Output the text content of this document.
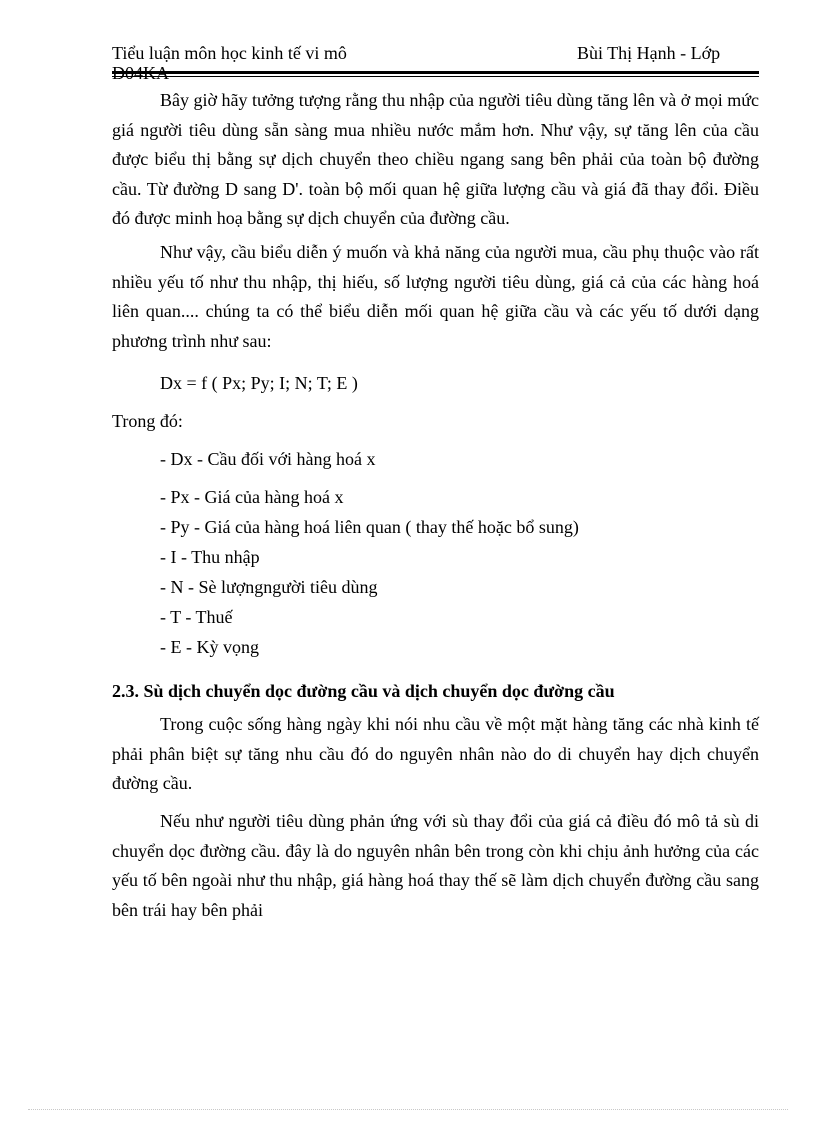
Tiểu luận môn học kinh tế vi mô	Bùi Thị Hạnh - Lớp

Bây giờ hãy tưởng tượng rằng thu nhập của người tiêu dùng tăng lên và ở mọi mức giá người tiêu dùng sẵn sàng mua nhiều nước mắm hơn. Như vậy, sự tăng lên của cầu được biểu thị bằng sự dịch chuyển theo chiều ngang sang bên phải của toàn bộ đường cầu. Từ đường D sang D'. toàn bộ mối quan hệ giữa lượng cầu và giá đã thay đổi. Điều đó được minh hoạ bằng sự dịch chuyển của đường cầu.

Như vậy, cầu biểu diễn ý muốn và khả năng của người mua, cầu phụ thuộc vào rất nhiều yếu tố như thu nhập, thị hiếu, số lượng người tiêu dùng, giá cả của các hàng hoá liên quan.... chúng ta có thể biểu diễn mối quan hệ giữa cầu và các yếu tố dưới dạng phương trình như sau:

Dx = f ( Px; Py; I; N; T; E )

Trong đó:

- Dx - Cầu đối với hàng hoá x
- Px - Giá của hàng hoá x
- Py - Giá của hàng hoá liên quan ( thay thế hoặc bổ sung)
- I - Thu nhập
- N - Sè lượngngười tiêu dùng
- T - Thuế
- E - Kỳ vọng

2.3. Sù dịch chuyển dọc đường cầu và dịch chuyển dọc đường cầu

Trong cuộc sống hàng ngày khi nói nhu cầu về một mặt hàng tăng các nhà kinh tế phải phân biệt sự tăng nhu cầu đó do nguyên nhân nào do di chuyển hay dịch chuyển đường cầu.

Nếu như người tiêu dùng phản ứng với sù thay đổi của giá cả điều đó mô tả sù di chuyển dọc đường cầu. đây là do nguyên nhân bên trong còn khi chịu ảnh hưởng của các yếu tố bên ngoài như thu nhập, giá hàng hoá thay thế sẽ làm dịch chuyển đường cầu sang bên trái hay bên phải
